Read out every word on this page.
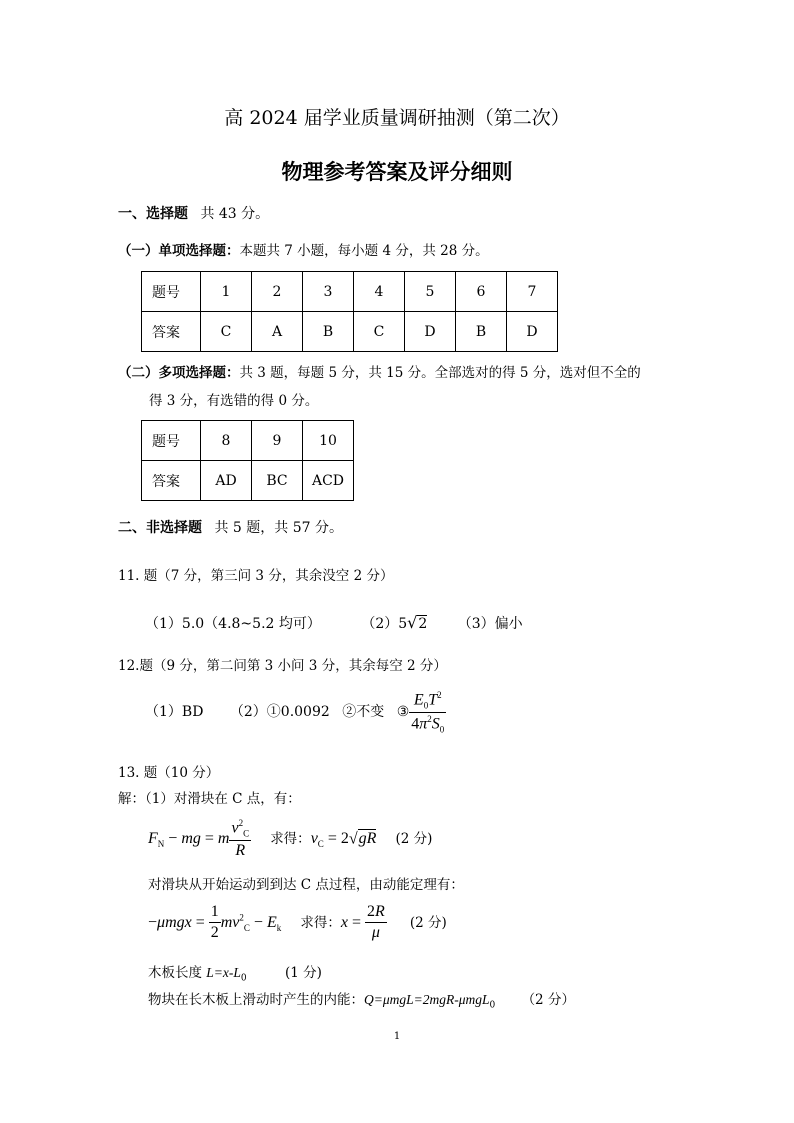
高 2024 届学业质量调研抽测（第二次）
物理参考答案及评分细则
一、选择题 共 43 分。
（一）单项选择题：本题共 7 小题，每小题 4 分，共 28 分。
题号	1	2	3	4	5	6	7
答案	C	A	B	C	D	B	D
（二）多项选择题：共 3 题，每题 5 分，共 15 分。全部选对的得 5 分，选对但不全的
得 3 分，有选错的得 0 分。
题号	8	9	10
答案	AD	BC	ACD
二、非选择题 共 5 题，共 57 分。
11. 题（7 分，第三问 3 分，其余没空 2 分）
（1）5.0（4.8~5.2 均可）	（2）5√2 （3）偏小
12.题（9 分，第二问第 3 小问 3 分，其余每空 2 分）
（1）BD （2）①0.0092 ②不变 ③ $\frac{E_0T^2}{4\pi^2S_0}$
13. 题（10 分）
解：（1）对滑块在 C 点，有：
$F_N$ − mg = m $\frac{v^2_C}{R}$ 求得：$v_C = 2√gR$ (2 分)
对滑块从开始运动到到达 C 点过程，由动能定理有：
$-\mu mgx = \frac{1}{2} mv^2_C - E_k$ 求得：$x = \frac{2R}{\mu} (2$ 分)
木板长度 $L=x-L_0$	(1 分)
物块在长木板上滑动时产生的内能：Q=μmgL=2mgR-μmgL$_0$ （2 分）
1
